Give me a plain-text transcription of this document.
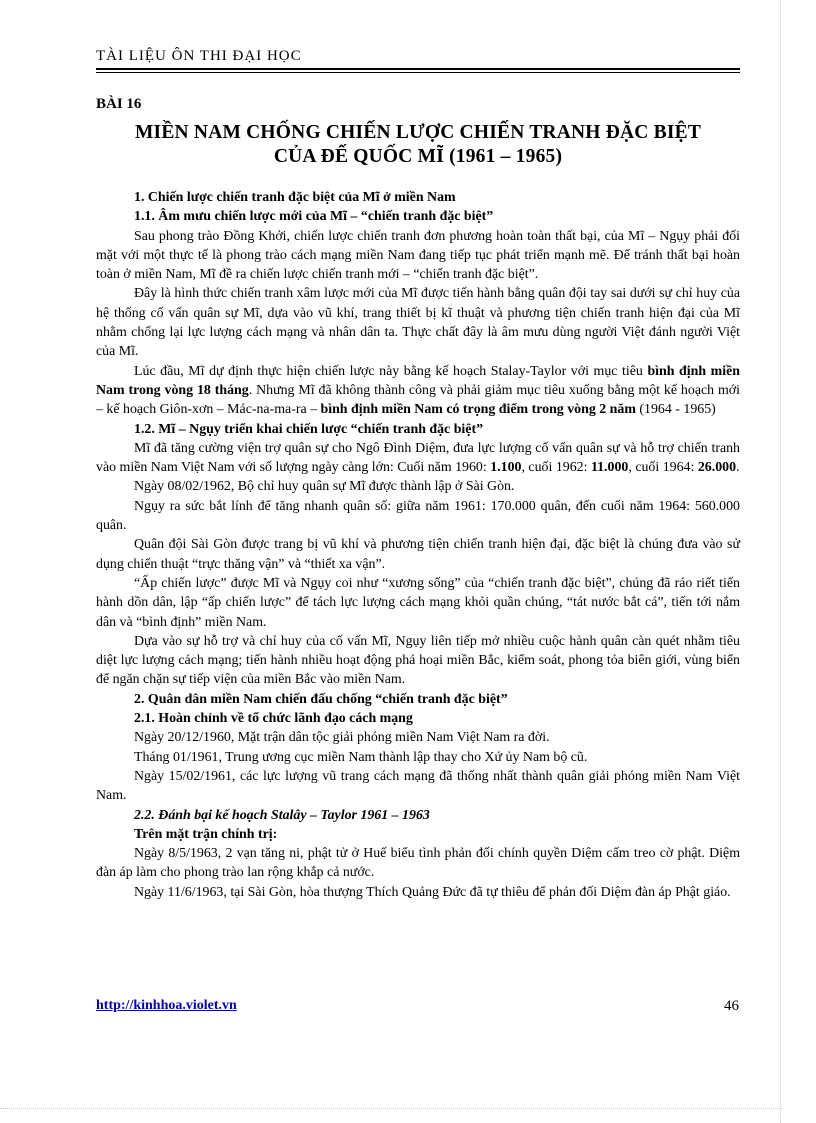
TÀI LIỆU ÔN THI ĐẠI HỌC
BÀI 16
MIỀN NAM CHỐNG CHIẾN LƯỢC CHIẾN TRANH ĐẶC BIỆT
CỦA ĐẾ QUỐC MĨ (1961 – 1965)

1. Chiến lược chiến tranh đặc biệt của Mĩ ở miền Nam

1.1. Âm mưu chiến lược mới của Mĩ – “chiến tranh đặc biệt”

Sau phong trào Đồng Khởi, chiến lược chiến tranh đơn phương hoàn toàn thất bại, của Mĩ – Ngụy phải đối mặt với một thực tế là phong trào cách mạng miền Nam đang tiếp tục phát triển mạnh mẽ. Để tránh thất bại hoàn toàn ở miền Nam, Mĩ đề ra chiến lược chiến tranh mới – “chiến tranh đặc biệt”.

Đây là hình thức chiến tranh xâm lược mới của Mĩ được tiến hành bằng quân đội tay sai dưới sự chỉ huy của hệ thống cố vấn quân sự Mĩ, dựa vào vũ khí, trang thiết bị kĩ thuật và phương tiện chiến tranh hiện đại của Mĩ nhằm chống lại lực lượng cách mạng và nhân dân ta. Thực chất đây là âm mưu dùng người Việt đánh người Việt của Mĩ.

Lúc đầu, Mĩ dự định thực hiện chiến lược này bằng kế hoạch Stalay-Taylor với mục tiêu bình định miền Nam trong vòng 18 tháng. Nhưng Mĩ đã không thành công và phải giảm mục tiêu xuống bằng một kế hoạch mới – kế hoạch Giôn-xơn – Mác-na-ma-ra – bình định miền Nam có trọng điểm trong vòng 2 năm (1964 - 1965)

1.2. Mĩ – Ngụy triển khai chiến lược “chiến tranh đặc biệt”

Mĩ đã tăng cường viện trợ quân sự cho Ngô Đình Diệm, đưa lực lượng cố vấn quân sự và hỗ trợ chiến tranh vào miền Nam Việt Nam với số lượng ngày càng lớn: Cuối năm 1960: 1.100, cuối 1962: 11.000, cuối 1964: 26.000.

Ngày 08/02/1962, Bộ chỉ huy quân sự Mĩ được thành lập ở Sài Gòn.

Ngụy ra sức bắt lính để tăng nhanh quân số: giữa năm 1961: 170.000 quân, đến cuối năm 1964: 560.000 quân.

Quân đội Sài Gòn được trang bị vũ khí và phương tiện chiến tranh hiện đại, đặc biệt là chúng đưa vào sử dụng chiến thuật “trực thăng vận” và “thiết xa vận”.

“Ấp chiến lược” được Mĩ và Ngụy coi như “xương sống” của “chiến tranh đặc biệt”, chúng đã ráo riết tiến hành dồn dân, lập “ấp chiến lược” để tách lực lượng cách mạng khỏi quần chúng, “tát nước bắt cá”, tiến tới nắm dân và “bình định” miền Nam.

Dựa vào sự hỗ trợ và chỉ huy của cố vấn Mĩ, Ngụy liên tiếp mở nhiều cuộc hành quân càn quét nhằm tiêu diệt lực lượng cách mạng; tiến hành nhiều hoạt động phá hoại miền Bắc, kiểm soát, phong tỏa biên giới, vùng biển để ngăn chặn sự tiếp viện của miền Bắc vào miền Nam.

2. Quân dân miền Nam chiến đấu chống “chiến tranh đặc biệt”

2.1. Hoàn chỉnh về tổ chức lãnh đạo cách mạng

Ngày 20/12/1960, Mặt trận dân tộc giải phóng miền Nam Việt Nam ra đời.

Tháng 01/1961, Trung ương cục miền Nam thành lập thay cho Xứ ủy Nam bộ cũ.

Ngày 15/02/1961, các lực lượng vũ trang cách mạng đã thống nhất thành quân giải phóng miền Nam Việt Nam.

2.2. Đánh bại kế hoạch Stalây – Taylor 1961 – 1963

Trên mặt trận chính trị:

Ngày 8/5/1963, 2 vạn tăng ni, phật tử ở Huế biểu tình phản đối chính quyền Diệm cấm treo cờ phật. Diệm đàn áp làm cho phong trào lan rộng khắp cả nước.

Ngày 11/6/1963, tại Sài Gòn, hòa thượng Thích Quảng Đức đã tự thiêu để phản đối Diệm đàn áp Phật giáo.

http://kinhhoa.violet.vn	46
